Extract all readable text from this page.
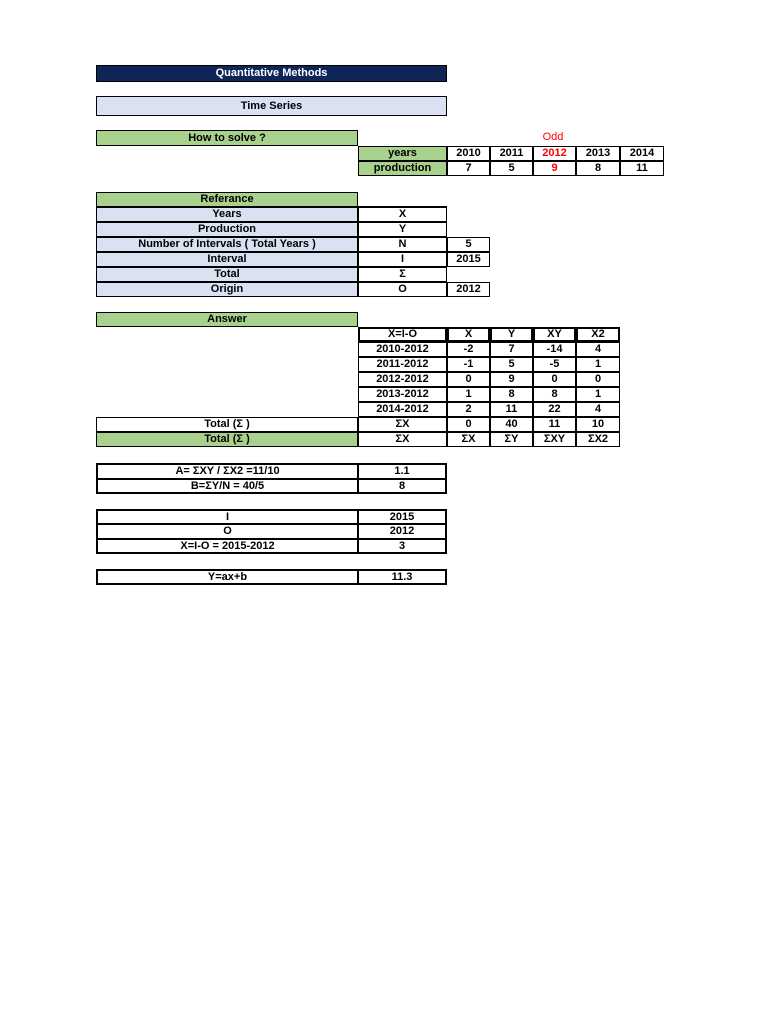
Quantitative Methods
Time Series
How to solve ?	Odd
years	2010	2011	2012	2013	2014
production	7	5	9	8	11
Referance
Years	X
Production	Y
Number of Intervals ( Total Years )	N	5
Interval	I	2015
Total	Σ
Origin	O	2012
Answer
X=I-O	X	Y	XY	X2
2010-2012	-2	7	-14	4
2011-2012	-1	5	-5	1
2012-2012	0	9	0	0
2013-2012	1	8	8	1
2014-2012	2	11	22	4
Total (Σ )	ΣX	0	40	11	10
Total (Σ )	ΣX	ΣX	ΣY	ΣXY	ΣX2
A= ΣXY / ΣX2 =11/10	1.1
B=ΣY/N = 40/5	8
I	2015
O	2012
X=I-O = 2015-2012	3
Y=ax+b	11.3
